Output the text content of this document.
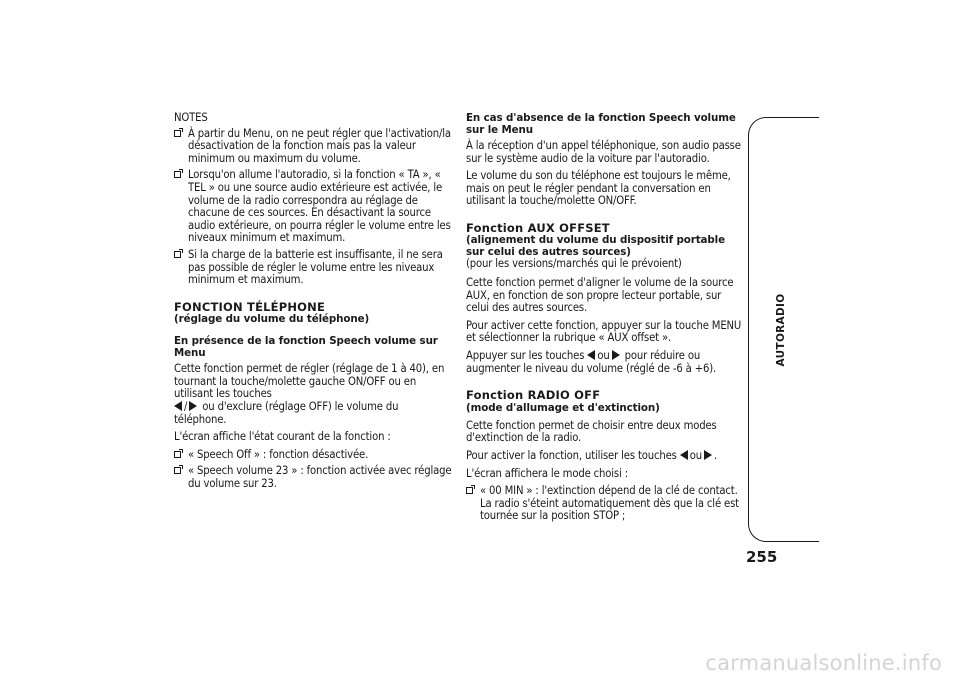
NOTES

À partir du Menu, on ne peut régler que l'activation/la désactivation de la fonction mais pas la valeur minimum ou maximum du volume.
Lorsqu'on allume l'autoradio, si la fonction « TA », « TEL » ou une source audio extérieure est activée, le volume de la radio correspondra au réglage de chacune de ces sources. En désactivant la source audio extérieure, on pourra régler le volume entre les niveaux minimum et maximum.
Si la charge de la batterie est insuffisante, il ne sera pas possible de régler le volume entre les niveaux minimum et maximum.
FONCTION TÉLÉPHONE
(réglage du volume du téléphone)
En présence de la fonction Speech volume sur Menu

Cette fonction permet de régler (réglage de 1 à 40), en tournant la touche/molette gauche ON/OFF ou en utilisant les touches
/ ou d'exclure (réglage OFF) le volume du téléphone.

L'écran affiche l'état courant de la fonction :

« Speech Off » : fonction désactivée.
« Speech volume 23 » : fonction activée avec réglage du volume sur 23.
En cas d'absence de la fonction Speech volume sur le Menu

À la réception d'un appel téléphonique, son audio passe sur le système audio de la voiture par l'autoradio.

Le volume du son du téléphone est toujours le même, mais on peut le régler pendant la conversation en utilisant la touche/molette ON/OFF.

Fonction AUX OFFSET
(alignement du volume du dispositif portable sur celui des autres sources)

(pour les versions/marchés qui le prévoient)

Cette fonction permet d'aligner le volume de la source AUX, en fonction de son propre lecteur portable, sur celui des autres sources.

Pour activer cette fonction, appuyer sur la touche MENU et sélectionner la rubrique « AUX offset ».

Appuyer sur les touches ou pour réduire ou augmenter le niveau du volume (réglé de -6 à +6).

Fonction RADIO OFF
(mode d'allumage et d'extinction)

Cette fonction permet de choisir entre deux modes d'extinction de la radio.

Pour activer la fonction, utiliser les touches ou .

L'écran affichera le mode choisi :

« 00 MIN » : l'extinction dépend de la clé de contact. La radio s'éteint automatiquement dès que la clé est tournée sur la position STOP ;
AUTORADIO
255
carmanualsonline.info
